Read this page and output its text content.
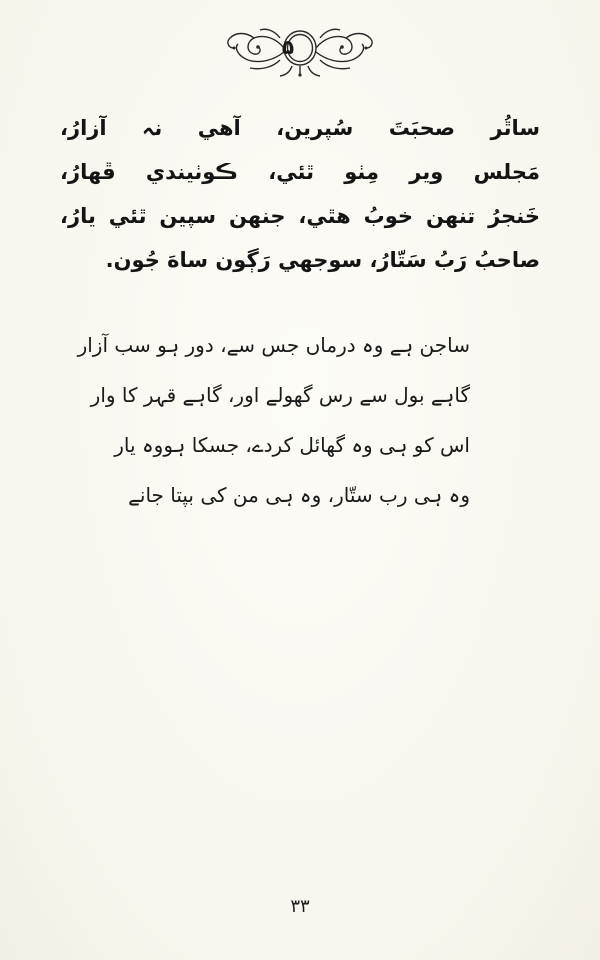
۵
ساٿُر صحبَتَ سُپرين، آهي نہ آزارُ،
مَجلس وير مِٺو ٿئي، ڪوٺيندي ڦهارُ،
خَنجرُ تنهن خوبُ هٿي، جنهن سپين ٿئي يارُ،
صاحبُ رَبُ سَتّارُ، سوجهي رَڳون ساهَ جُون.
ساجن ہے وہ درماں جس سے، دور ہو سب آزار
گاہے بول سے رس گھولے اور، گاہے قہر کا وار
اس کو ہی وہ گھائل کردے، جسکا ہووہ یار
وہ ہی رب ستّار، وہ ہی من کی بپتا جانے
۳۳
